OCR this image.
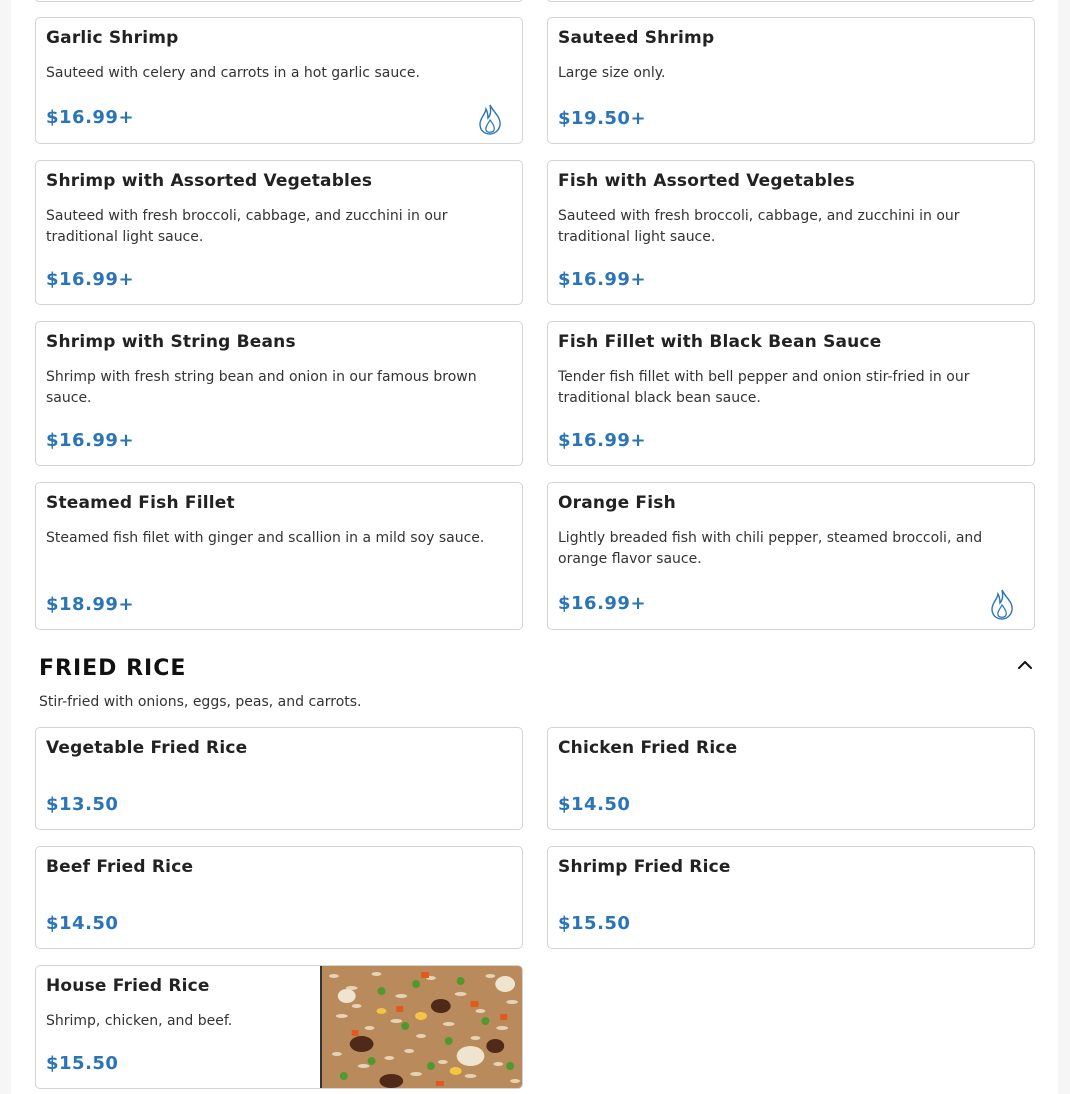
Garlic Shrimp

Sauteed with celery and carrots in a hot garlic sauce.

$16.99+

Sauteed Shrimp

Large size only.

$19.50+

Shrimp with Assorted Vegetables

Sauteed with fresh broccoli, cabbage, and zucchini in our traditional light sauce.

$16.99+

Fish with Assorted Vegetables

Sauteed with fresh broccoli, cabbage, and zucchini in our traditional light sauce.

$16.99+

Shrimp with String Beans

Shrimp with fresh string bean and onion in our famous brown sauce.

$16.99+

Fish Fillet with Black Bean Sauce

Tender fish fillet with bell pepper and onion stir-fried in our traditional black bean sauce.

$16.99+

Steamed Fish Fillet

Steamed fish filet with ginger and scallion in a mild soy sauce.

$18.99+

Orange Fish

Lightly breaded fish with chili pepper, steamed broccoli, and orange flavor sauce.

$16.99+

FRIED RICE

Stir-fried with onions, eggs, peas, and carrots.

Vegetable Fried Rice

$13.50

Chicken Fried Rice

$14.50

Beef Fried Rice

$14.50

Shrimp Fried Rice

$15.50

House Fried Rice

Shrimp, chicken, and beef.

$15.50
